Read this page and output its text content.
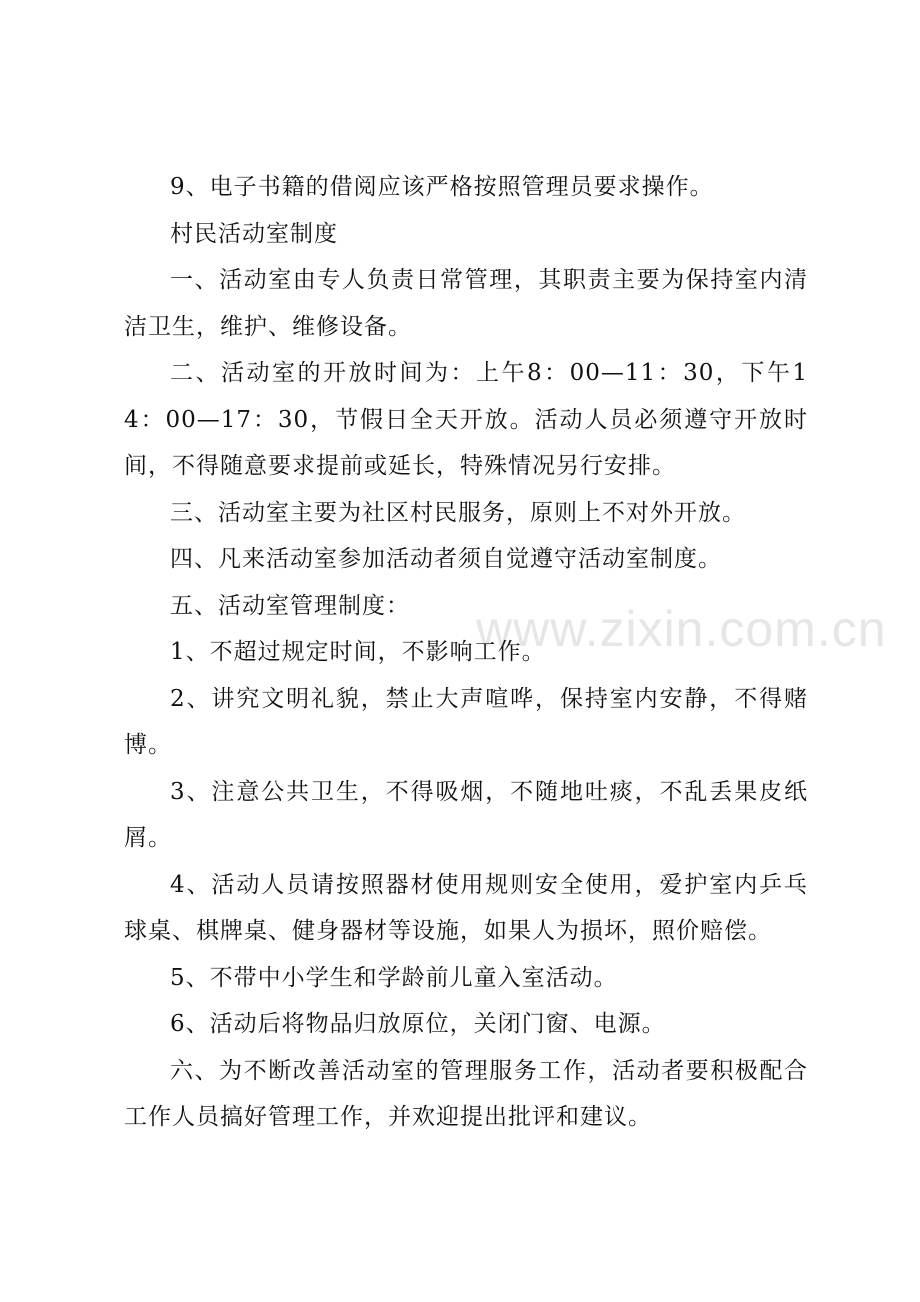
www.zixin.com.cn

9、电子书籍的借阅应该严格按照管理员要求操作。

村民活动室制度

一、活动室由专人负责日常管理，其职责主要为保持室内清洁卫生，维护、维修设备。

二、活动室的开放时间为：上午8：00—11：30，下午14：00—17：30，节假日全天开放。活动人员必须遵守开放时间，不得随意要求提前或延长，特殊情况另行安排。

三、活动室主要为社区村民服务，原则上不对外开放。

四、凡来活动室参加活动者须自觉遵守活动室制度。

五、活动室管理制度：

1、不超过规定时间，不影响工作。

2、讲究文明礼貌，禁止大声喧哗，保持室内安静，不得赌博。

3、注意公共卫生，不得吸烟，不随地吐痰，不乱丢果皮纸屑。

4、活动人员请按照器材使用规则安全使用，爱护室内乒乓球桌、棋牌桌、健身器材等设施，如果人为损坏，照价赔偿。

5、不带中小学生和学龄前儿童入室活动。

6、活动后将物品归放原位，关闭门窗、电源。

六、为不断改善活动室的管理服务工作，活动者要积极配合工作人员搞好管理工作，并欢迎提出批评和建议。
